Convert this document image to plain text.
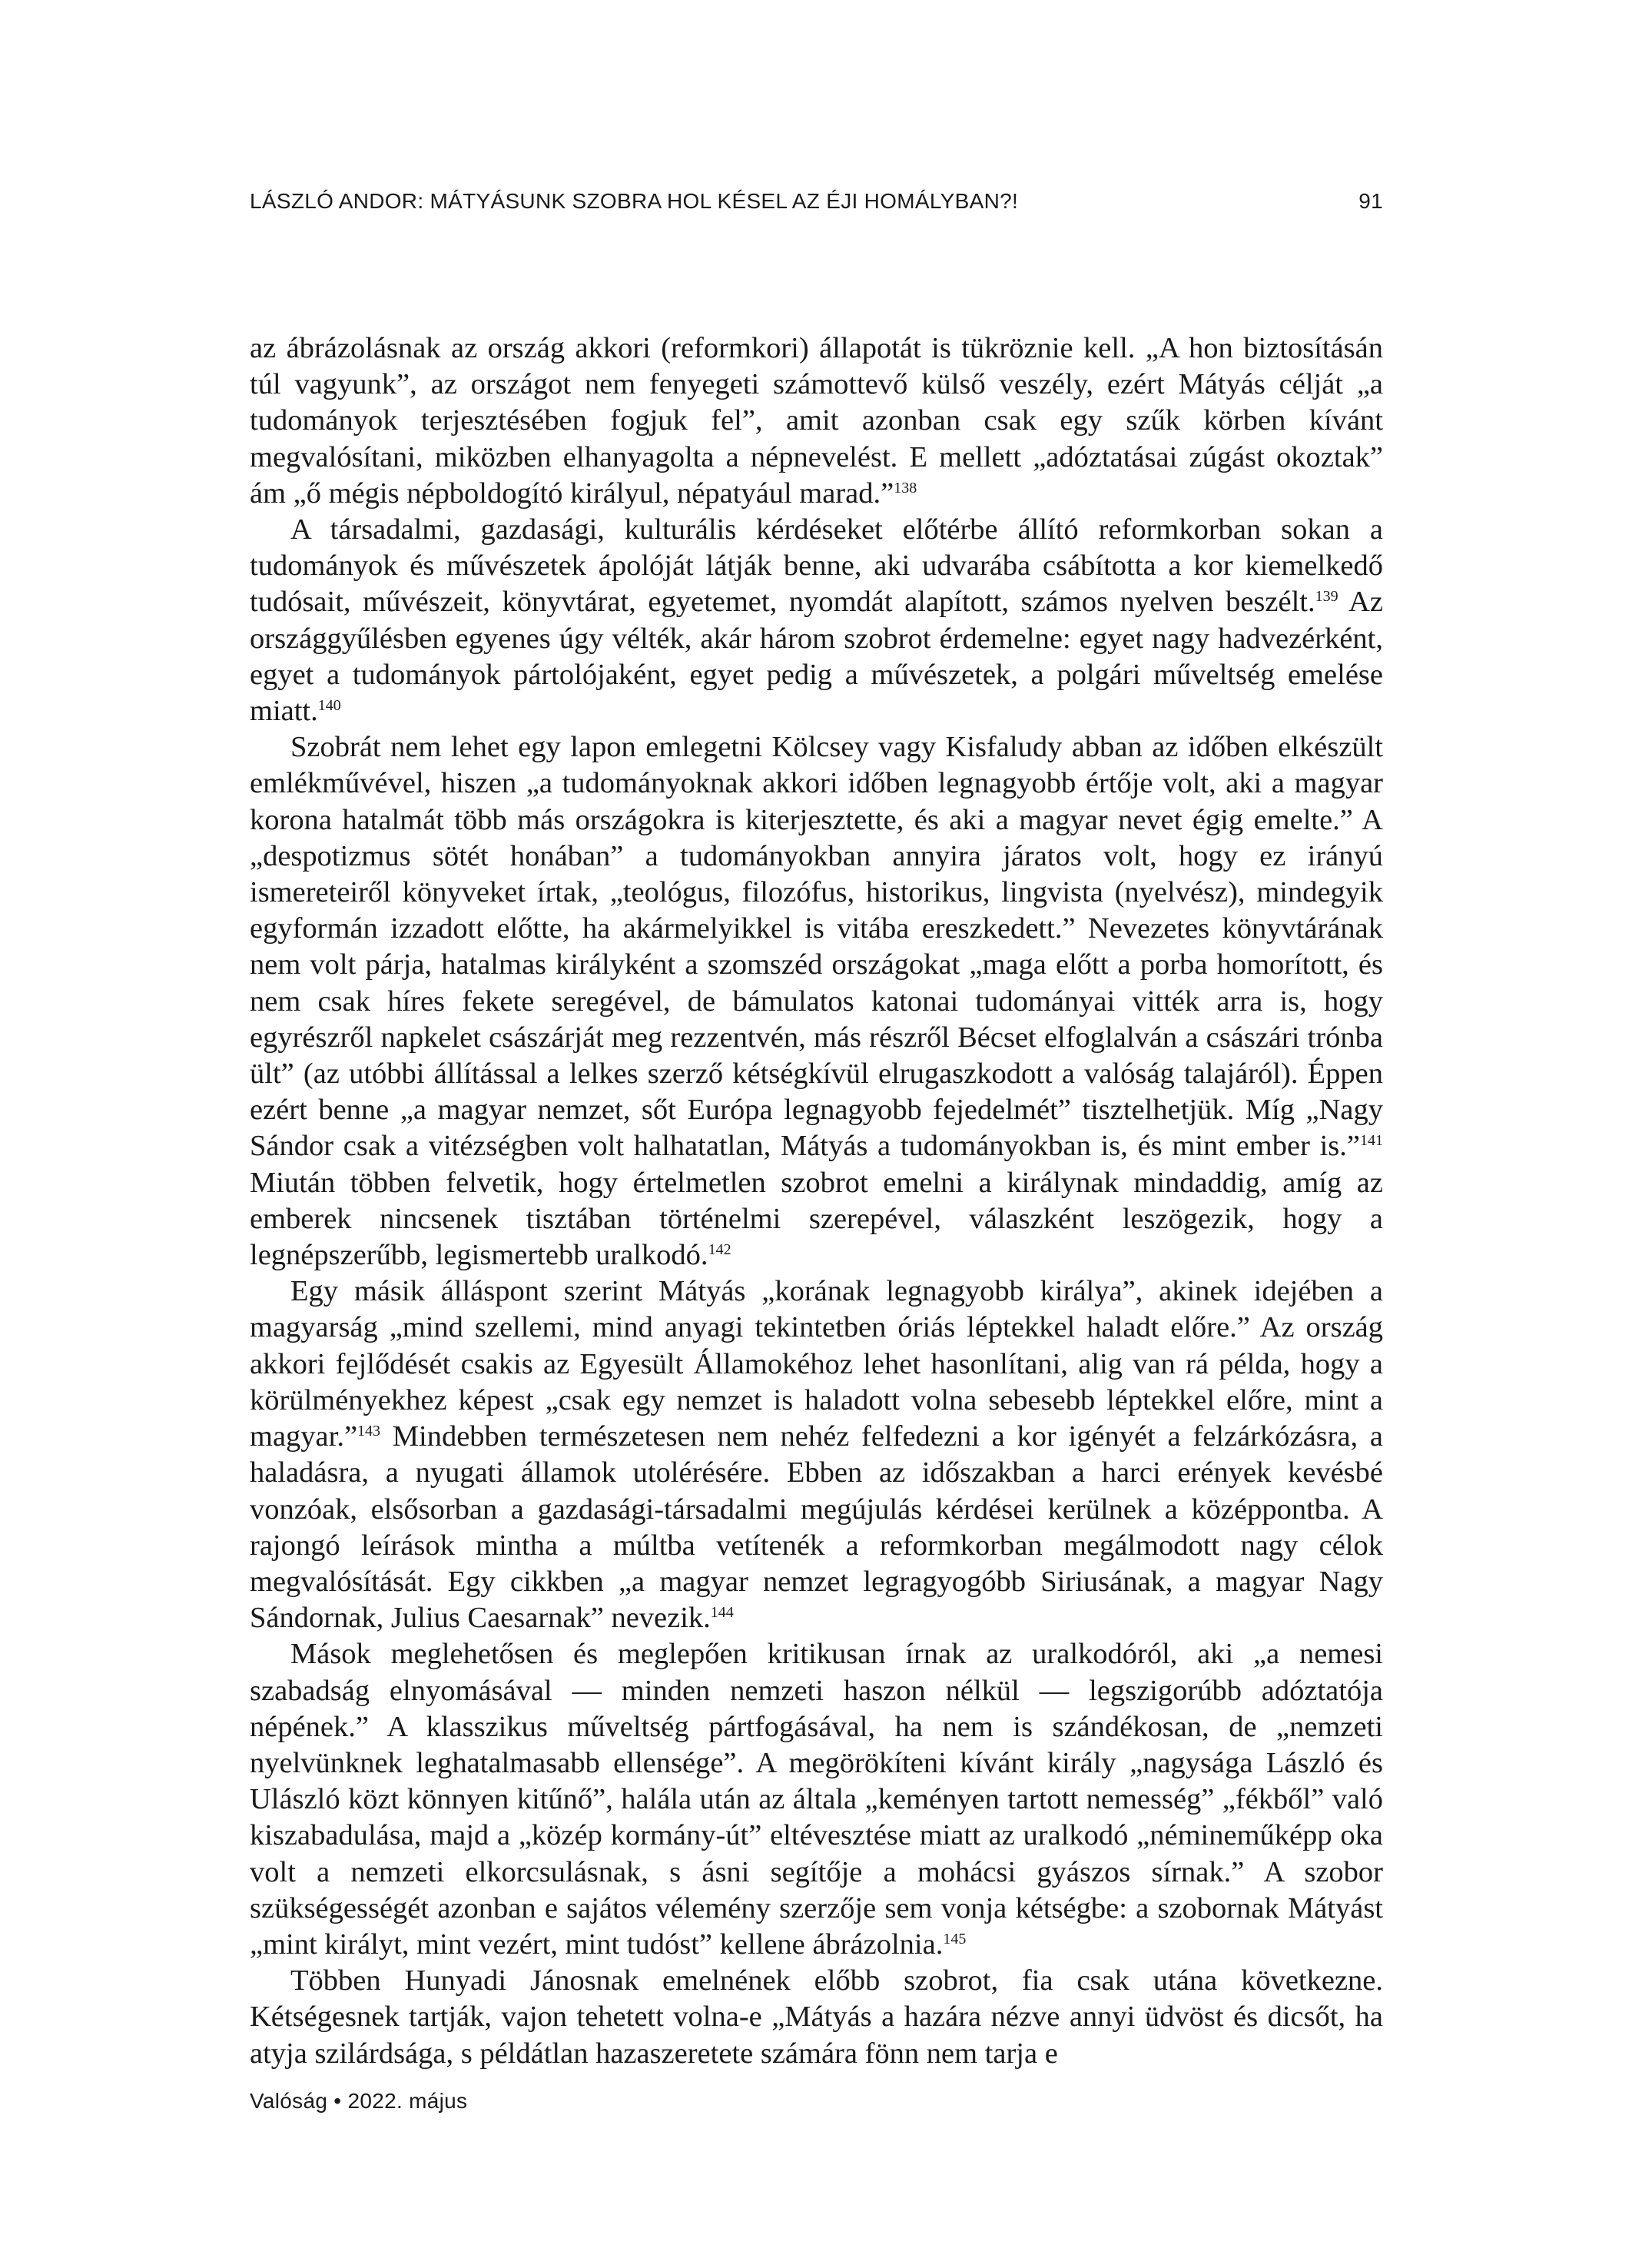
LÁSZLÓ ANDOR: MÁTYÁSUNK SZOBRA HOL KÉSEL AZ ÉJI HOMÁLYBAN?!	91

az ábrázolásnak az ország akkori (reformkori) állapotát is tükröznie kell. „A hon biztosításán túl vagyunk”, az országot nem fenyegeti számottevő külső veszély, ezért Mátyás célját „a tudományok terjesztésében fogjuk fel”, amit azonban csak egy szűk körben kívánt megvalósítani, miközben elhanyagolta a népnevelést. E mellett „adóztatásai zúgást okoztak” ám „ő mégis népboldogító királyul, népatyául marad.”$^{138}$

A társadalmi, gazdasági, kulturális kérdéseket előtérbe állító reformkorban sokan a tudományok és művészetek ápolóját látják benne, aki udvarába csábította a kor kiemelkedő tudósait, művészeit, könyvtárat, egyetemet, nyomdát alapított, számos nyelven beszélt.$^{139}$ Az országgyűlésben egyenes úgy vélték, akár három szobrot érdemelne: egyet nagy hadvezérként, egyet a tudományok pártolójaként, egyet pedig a művészetek, a polgári műveltség emelése miatt.$^{140}$

Szobrát nem lehet egy lapon emlegetni Kölcsey vagy Kisfaludy abban az időben elkészült emlékművével, hiszen „a tudományoknak akkori időben legnagyobb értője volt, aki a magyar korona hatalmát több más országokra is kiterjesztette, és aki a magyar nevet égig emelte.” A „despotizmus sötét honában” a tudományokban annyira járatos volt, hogy ez irányú ismereteiről könyveket írtak, „teológus, filozófus, historikus, lingvista (nyelvész), mindegyik egyformán izzadott előtte, ha akármelyikkel is vitába ereszkedett.” Nevezetes könyvtárának nem volt párja, hatalmas királyként a szomszéd országokat „maga előtt a porba homorított, és nem csak híres fekete seregével, de bámulatos katonai tudományai vitték arra is, hogy egyrészről napkelet császárját meg rezzentvén, más részről Bécset elfoglalván a császári trónba ült” (az utóbbi állítással a lelkes szerző kétségkívül elrugaszkodott a valóság talajáról). Éppen ezért benne „a magyar nemzet, sőt Európa legnagyobb fejedelmét” tisztelhetjük. Míg „Nagy Sándor csak a vitézségben volt halhatatlan, Mátyás a tudományokban is, és mint ember is.”$^{141}$ Miután többen felvetik, hogy értelmetlen szobrot emelni a királynak mindaddig, amíg az emberek nincsenek tisztában történelmi szerepével, válaszként leszögezik, hogy a legnépszerűbb, legismertebb uralkodó.$^{142}$

Egy másik álláspont szerint Mátyás „korának legnagyobb királya”, akinek idejében a magyarság „mind szellemi, mind anyagi tekintetben óriás léptekkel haladt előre.” Az ország akkori fejlődését csakis az Egyesült Államokéhoz lehet hasonlítani, alig van rá példa, hogy a körülményekhez képest „csak egy nemzet is haladott volna sebesebb léptekkel előre, mint a magyar.”$^{143}$ Mindebben természetesen nem nehéz felfedezni a kor igényét a felzárkózásra, a haladásra, a nyugati államok utolérésére. Ebben az időszakban a harci erények kevésbé vonzóak, elsősorban a gazdasági-társadalmi megújulás kérdései kerülnek a középpontba. A rajongó leírások mintha a múltba vetítenék a reformkorban megálmodott nagy célok megvalósítását. Egy cikkben „a magyar nemzet legragyogóbb Siriusának, a magyar Nagy Sándornak, Julius Caesarnak” nevezik.$^{144}$

Mások meglehetősen és meglepően kritikusan írnak az uralkodóról, aki „a nemesi szabadság elnyomásával — minden nemzeti haszon nélkül — legszigorúbb adóztatója népének.” A klasszikus műveltség pártfogásával, ha nem is szándékosan, de „nemzeti nyelvünknek leghatalmasabb ellensége”. A megörökíteni kívánt király „nagysága László és Ulászló közt könnyen kitűnő”, halála után az általa „keményen tartott nemesség” „fékből” való kiszabadulása, majd a „közép kormány-út” eltévesztése miatt az uralkodó „némineműképp oka volt a nemzeti elkorcsulásnak, s ásni segítője a mohácsi gyászos sírnak.” A szobor szükségességét azonban e sajátos vélemény szerzője sem vonja kétségbe: a szobornak Mátyást „mint királyt, mint vezért, mint tudóst” kellene ábrázolnia.$^{145}$

Többen Hunyadi Jánosnak emelnének előbb szobrot, fia csak utána következne. Kétségesnek tartják, vajon tehetett volna-e „Mátyás a hazára nézve annyi üdvöst és dicsőt, ha atyja szilárdsága, s példátlan hazaszeretete számára fönn nem tarja e

Valóság • 2022. május
